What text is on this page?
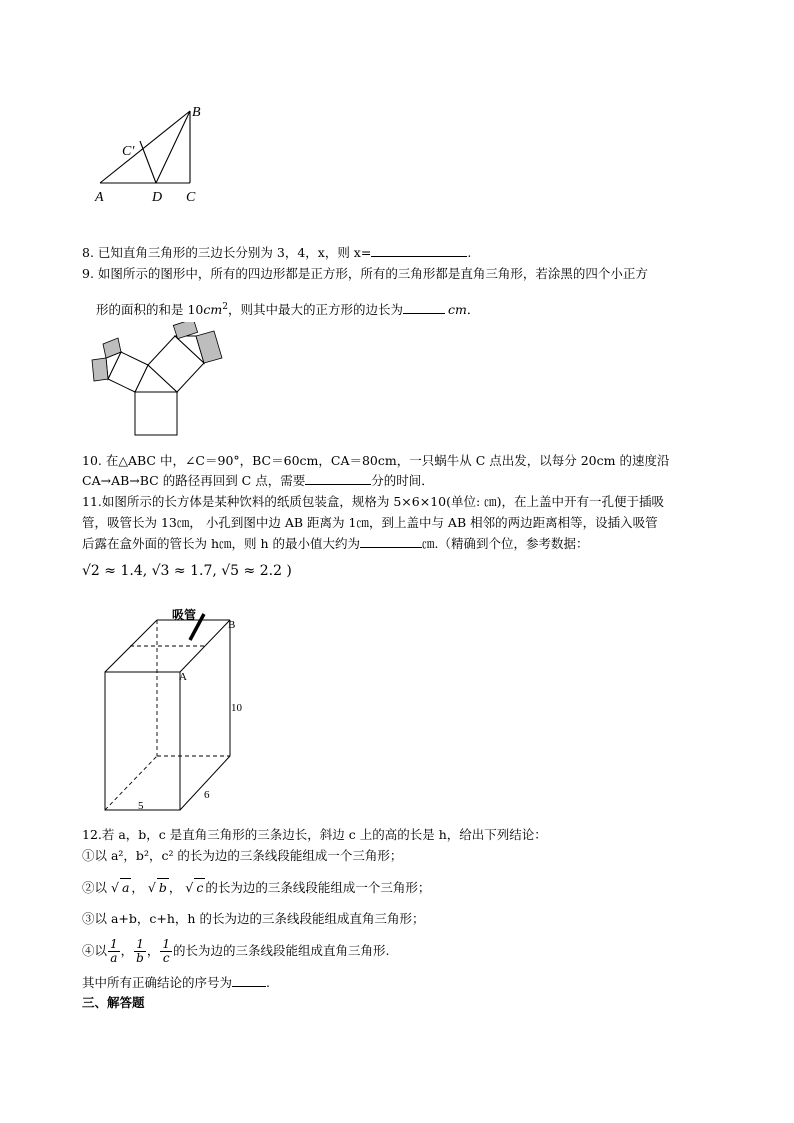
A	D C
B
C′
8. 已知直角三角形的三边长分别为 3，4，x，则 x=	.
9. 如图所示的图形中，所有的四边形都是正方形，所有的三角形都是直角三角形，若涂黑的四个小正方
形的面积的和是 $10cm^2$，则其中最大的正方形的边长为	cm．
10. 在△ABC 中，∠C＝90°，BC＝60cm，CA＝80cm，一只蜗牛从 C 点出发，以每分 20cm 的速度沿
CA→AB→BC 的路径再回到 C 点，需要	分的时间．
11.如图所示的长方体是某种饮料的纸质包装盒，规格为 5×6×10(单位: ㎝)，在上盖中开有一孔便于插吸
管，吸管长为 13㎝， 小孔到图中边 AB 距离为 1㎝，到上盖中与 AB 相邻的两边距离相等，设插入吸管
后露在盒外面的管长为 h㎝，则 h 的最小值大约为	㎝.（精确到个位，参考数据：
√2 ≈ 1.4, √3 ≈ 1.7, √5 ≈ 2.2 )
吸管
B
A
10
5
6
12.若 a，b，c 是直角三角形的三条边长，斜边 c 上的高的长是 h，给出下列结论：
①以 a²，b²，c² 的长为边的三条线段能组成一个三角形；
②以 √ a ， √ b ， √ c 的长为边的三条线段能组成一个三角形；
③以 a+b，c+h，h 的长为边的三条线段能组成直角三角形；
④以 $\frac{1}{a}$ ， $\frac{1}{b}$ ， $\frac{1}{c}$ 的长为边的三条线段能组成直角三角形.
其中所有正确结论的序号为	.
三、解答题
